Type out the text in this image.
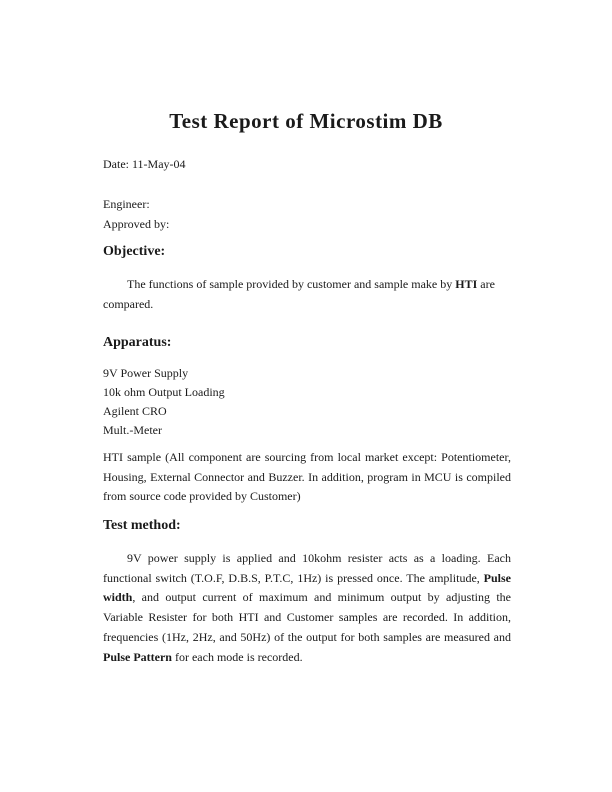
Test Report of Microstim DB
Date: 11-May-04
Engineer:
Approved by:
Objective:
The functions of sample provided by customer and sample make by HTI are compared.
Apparatus:
9V Power Supply
10k ohm Output Loading
Agilent CRO
Mult.-Meter
HTI sample (All component are sourcing from local market except: Potentiometer, Housing, External Connector and Buzzer. In addition, program in MCU is compiled from source code provided by Customer)
Test method:
9V power supply is applied and 10kohm resister acts as a loading. Each functional switch (T.O.F, D.B.S, P.T.C, 1Hz) is pressed once. The amplitude, Pulse width, and output current of maximum and minimum output by adjusting the Variable Resister for both HTI and Customer samples are recorded. In addition, frequencies (1Hz, 2Hz, and 50Hz) of the output for both samples are measured and Pulse Pattern for each mode is recorded.
